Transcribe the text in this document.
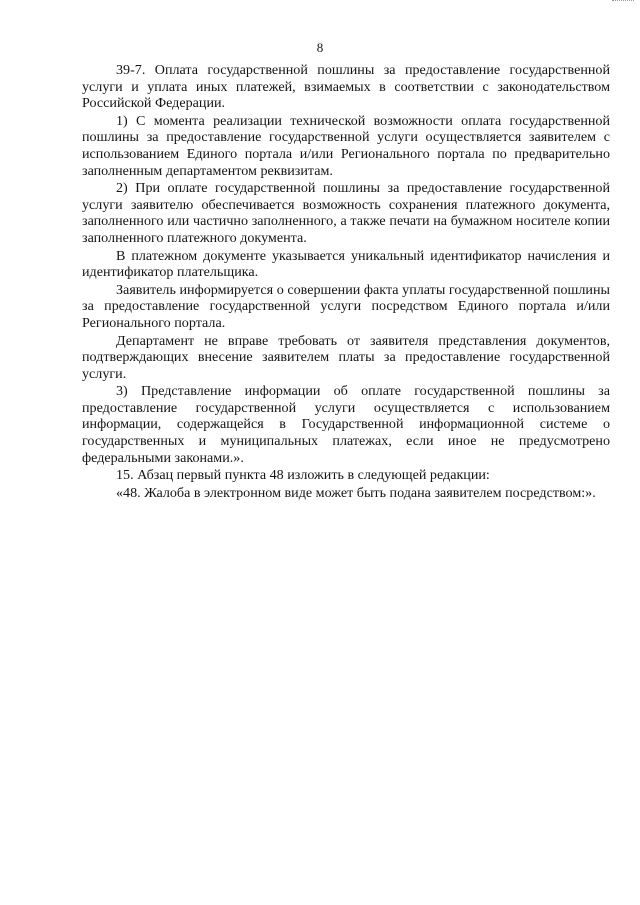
8

39-7. Оплата государственной пошлины за предоставление государственной услуги и уплата иных платежей, взимаемых в соответствии с законодательством Российской Федерации.

1) С момента реализации технической возможности оплата государственной пошлины за предоставление государственной услуги осуществляется заявителем с использованием Единого портала и/или Регионального портала по предварительно заполненным департаментом реквизитам.

2) При оплате государственной пошлины за предоставление государственной услуги заявителю обеспечивается возможность сохранения платежного документа, заполненного или частично заполненного, а также печати на бумажном носителе копии заполненного платежного документа.

В платежном документе указывается уникальный идентификатор начисления и идентификатор плательщика.

Заявитель информируется о совершении факта уплаты государственной пошлины за предоставление государственной услуги посредством Единого портала и/или Регионального портала.

Департамент не вправе требовать от заявителя представления документов, подтверждающих внесение заявителем платы за предоставление государственной услуги.

3) Представление информации об оплате государственной пошлины за предоставление государственной услуги осуществляется с использованием информации, содержащейся в Государственной информационной системе о государственных и муниципальных платежах, если иное не предусмотрено федеральными законами.».

15. Абзац первый пункта 48 изложить в следующей редакции:

«48. Жалоба в электронном виде может быть подана заявителем посредством:».
